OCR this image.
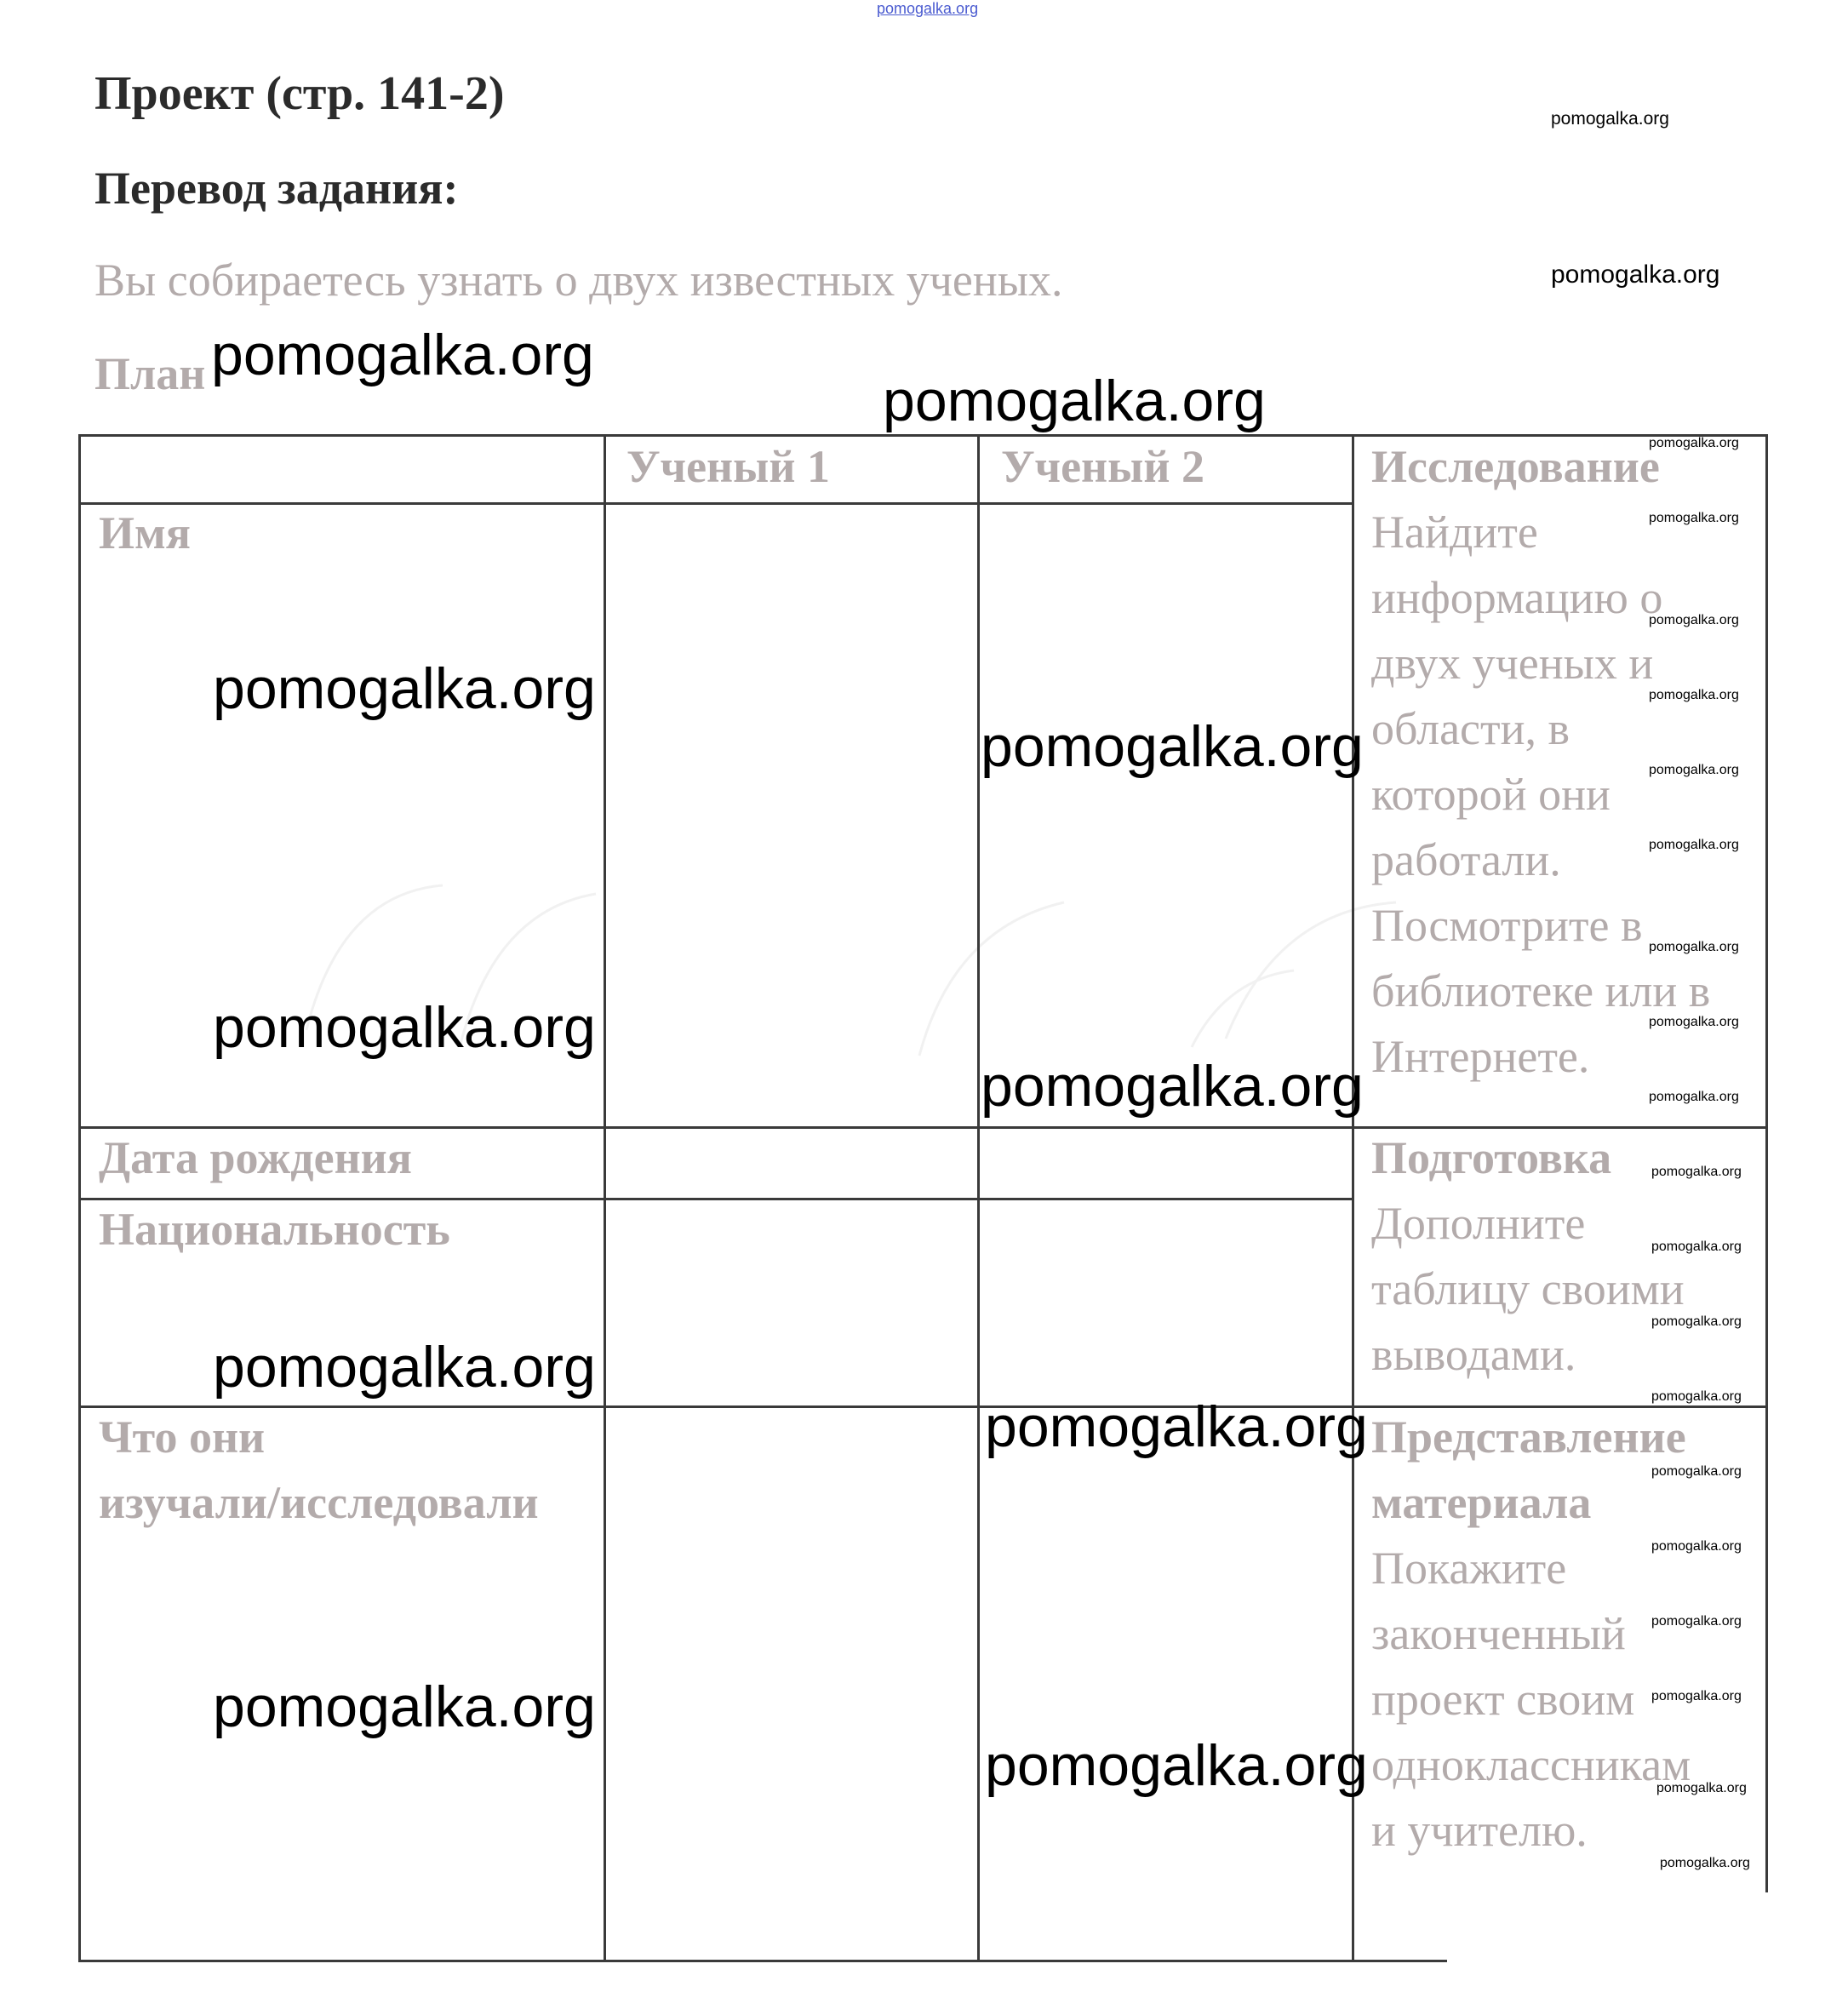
pomogalka.org
Проект (стр. 141-2)
Перевод задания:
Вы собираетесь узнать о двух известных ученых.
План
pomogalka.org
pomogalka.org
pomogalka.org
pomogalka.org
Ученый 1	Ученый 2
Имя
Дата рождения
Национальность
Что они
изучали/исследовали
Исследование
Найдите
информацию о
двух ученых и
области, в
которой они
работали.
Посмотрите в
библиотеке или в
Интернете.
Подготовка
Дополните
таблицу своими
выводами.
Представление
материала
Покажите
законченный
проект своим
одноклассникам
и учителю.
pomogalka.org
pomogalka.org
pomogalka.org
pomogalka.org
pomogalka.org
pomogalka.org
pomogalka.org
pomogalka.org
pomogalka.org
pomogalka.org
pomogalka.org
pomogalka.org
pomogalka.org
pomogalka.org
pomogalka.org
pomogalka.org
pomogalka.org
pomogalka.org
pomogalka.org
pomogalka.org
pomogalka.org
pomogalka.org
pomogalka.org
pomogalka.org
pomogalka.org
pomogalka.org
pomogalka.org
